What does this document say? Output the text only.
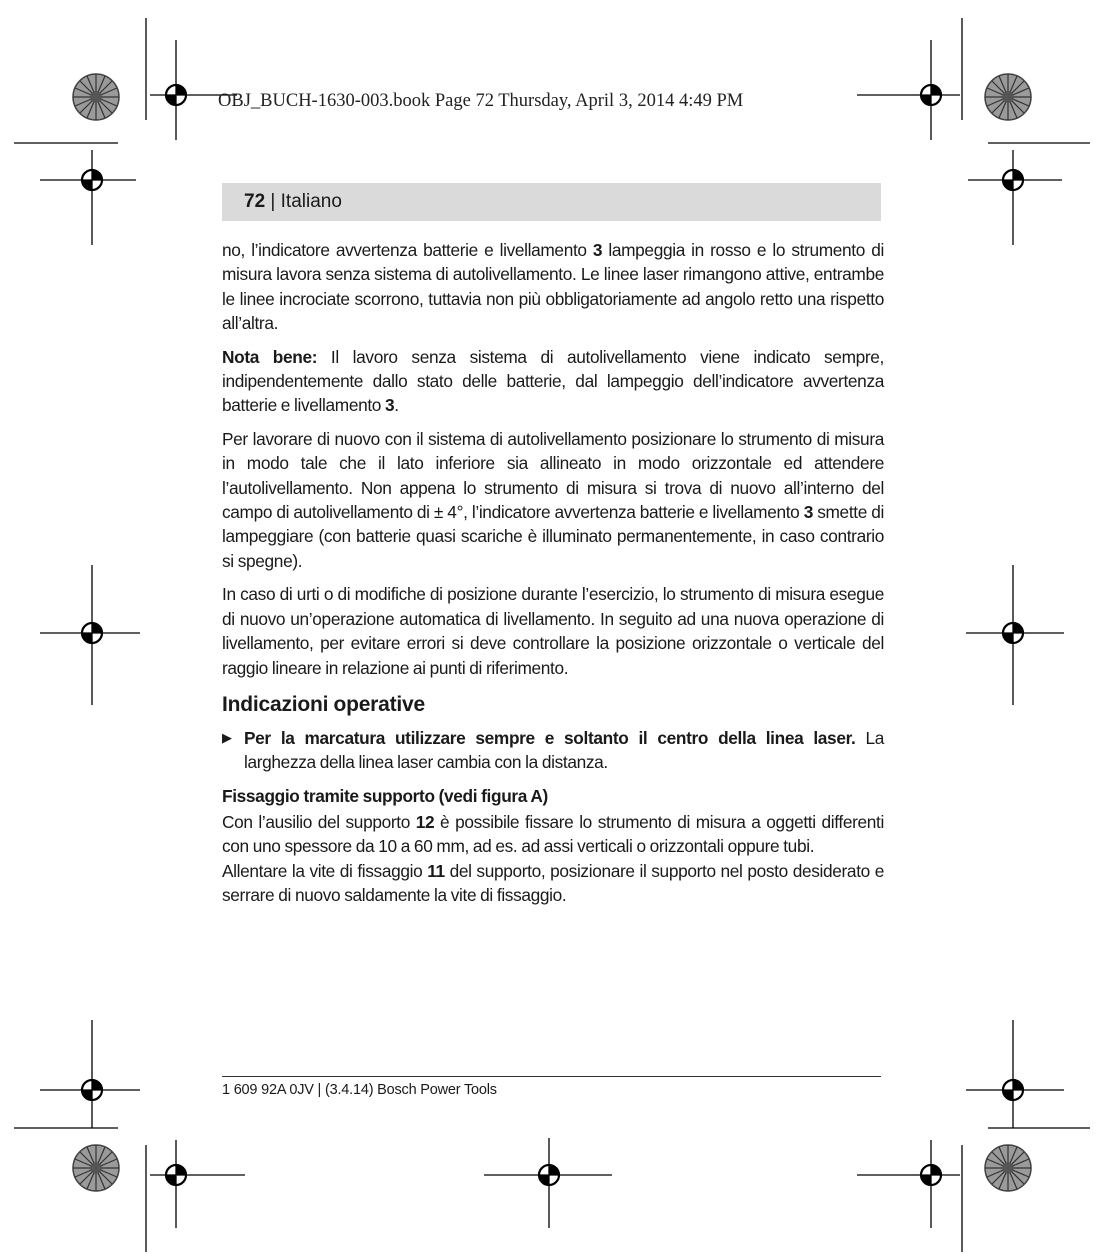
OBJ_BUCH-1630-003.book Page 72 Thursday, April 3, 2014 4:49 PM
72 | Italiano

no, l’indicatore avvertenza batterie e livellamento 3 lampeggia in rosso e lo strumento di misura lavora senza sistema di autolivellamento. Le linee laser rimangono attive, entrambe le linee incrociate scorrono, tuttavia non più obbligatoriamente ad angolo retto una rispetto all’altra.

Nota bene: Il lavoro senza sistema di autolivellamento viene indicato sempre, indipendentemente dallo stato delle batterie, dal lampeggio dell’indicatore avvertenza batterie e livellamento 3.

Per lavorare di nuovo con il sistema di autolivellamento posizionare lo strumento di misura in modo tale che il lato inferiore sia allineato in modo orizzontale ed attendere l’autolivellamento. Non appena lo strumento di misura si trova di nuovo all’interno del campo di autolivellamento di ± 4°, l’indicatore avvertenza batterie e livellamento 3 smette di lampeggiare (con batterie quasi scariche è illuminato permanentemente, in caso contrario si spegne).

In caso di urti o di modifiche di posizione durante l’esercizio, lo strumento di misura esegue di nuovo un’operazione automatica di livellamento. In seguito ad una nuova operazione di livellamento, per evitare errori si deve controllare la posizione orizzontale o verticale del raggio lineare in relazione ai punti di riferimento.

Indicazioni operative
▶ Per la marcatura utilizzare sempre e soltanto il centro della linea laser. La larghezza della linea laser cambia con la distanza.
Fissaggio tramite supporto (vedi figura A)

Con l’ausilio del supporto 12 è possibile fissare lo strumento di misura a oggetti differenti con uno spessore da 10 a 60 mm, ad es. ad assi verticali o orizzontali oppure tubi.

Allentare la vite di fissaggio 11 del supporto, posizionare il supporto nel posto desiderato e serrare di nuovo saldamente la vite di fissaggio.

1 609 92A 0JV | (3.4.14) Bosch Power Tools
